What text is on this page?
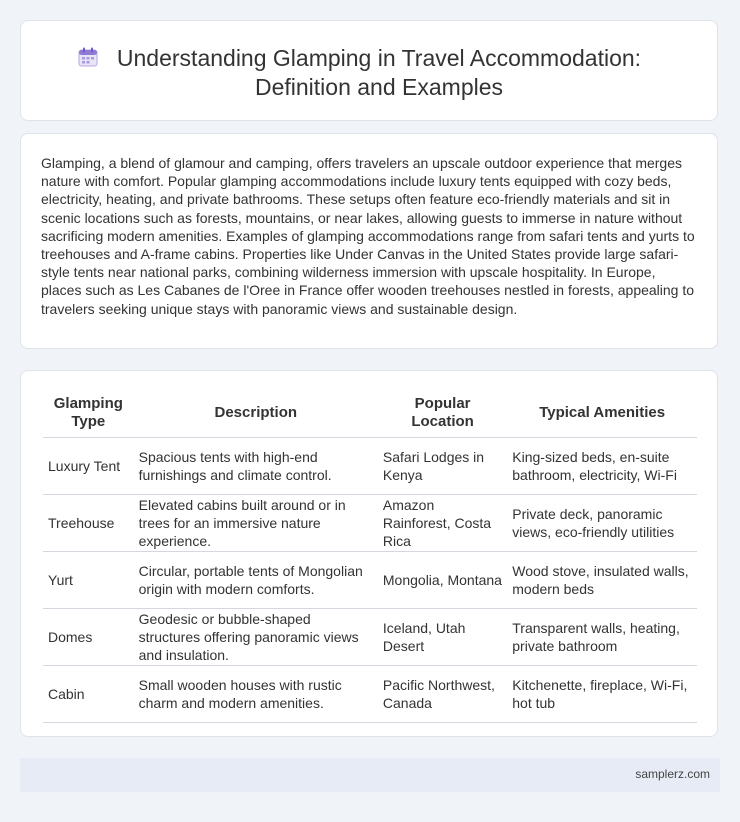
Understanding Glamping in Travel Accommodation: Definition and Examples

Glamping, a blend of glamour and camping, offers travelers an upscale outdoor experience that merges nature with comfort. Popular glamping accommodations include luxury tents equipped with cozy beds, electricity, heating, and private bathrooms. These setups often feature eco-friendly materials and sit in scenic locations such as forests, mountains, or near lakes, allowing guests to immerse in nature without sacrificing modern amenities. Examples of glamping accommodations range from safari tents and yurts to treehouses and A-frame cabins. Properties like Under Canvas in the United States provide large safari-style tents near national parks, combining wilderness immersion with upscale hospitality. In Europe, places such as Les Cabanes de l'Oree in France offer wooden treehouses nestled in forests, appealing to travelers seeking unique stays with panoramic views and sustainable design.

Glamping Type	Description	Popular Location	Typical Amenities
Luxury Tent	Spacious tents with high-end furnishings and climate control.	Safari Lodges in Kenya	King-sized beds, en-suite bathroom, electricity, Wi-Fi
Treehouse	Elevated cabins built around or in trees for an immersive nature experience.	Amazon Rainforest, Costa Rica	Private deck, panoramic views, eco-friendly utilities
Yurt	Circular, portable tents of Mongolian origin with modern comforts.	Mongolia, Montana	Wood stove, insulated walls, modern beds
Domes	Geodesic or bubble-shaped structures offering panoramic views and insulation.	Iceland, Utah Desert	Transparent walls, heating, private bathroom
Cabin	Small wooden houses with rustic charm and modern amenities.	Pacific Northwest, Canada	Kitchenette, fireplace, Wi-Fi, hot tub
samplerz.com
